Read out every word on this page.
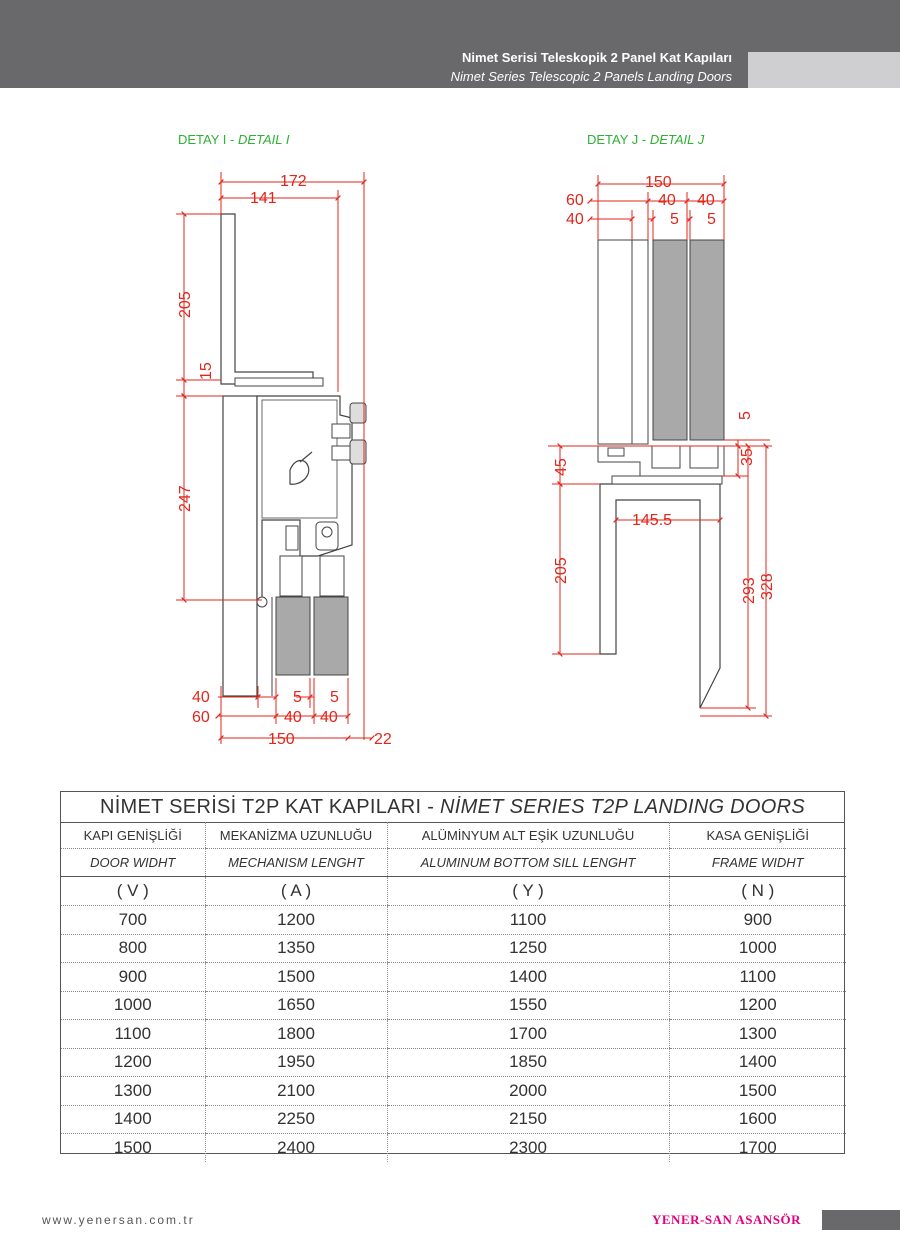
Nimet Serisi Teleskopik 2 Panel Kat Kapıları
Nimet Series Telescopic 2 Panels Landing Doors
DETAY I - DETAIL I	DETAY J - DETAIL J
172
141
205
15
247
40	5 5
60	40 40
150	22
150
60	40 40
40	5 5
5
45
35
145.5
205
293 328
NİMET SERİSİ T2P KAT KAPILARI - NİMET SERIES T2P LANDING DOORS
KAPI GENİŞLİĞİ	MEKANİZMA UZUNLUĞU	ALÜMİNYUM ALT EŞİK UZUNLUĞU	KASA GENİŞLİĞİ
DOOR WIDHT	MECHANISM LENGHT	ALUMINUM BOTTOM SILL LENGHT	FRAME WIDHT
( V )	( A )	( Y )	( N )
700	1200	1100	900
800	1350	1250	1000
900	1500	1400	1100
1000	1650	1550	1200
1100	1800	1700	1300
1200	1950	1850	1400
1300	2100	2000	1500
1400	2250	2150	1600
1500	2400	2300	1700
www.yenersan.com.tr	YENER-SAN ASANSÖR
